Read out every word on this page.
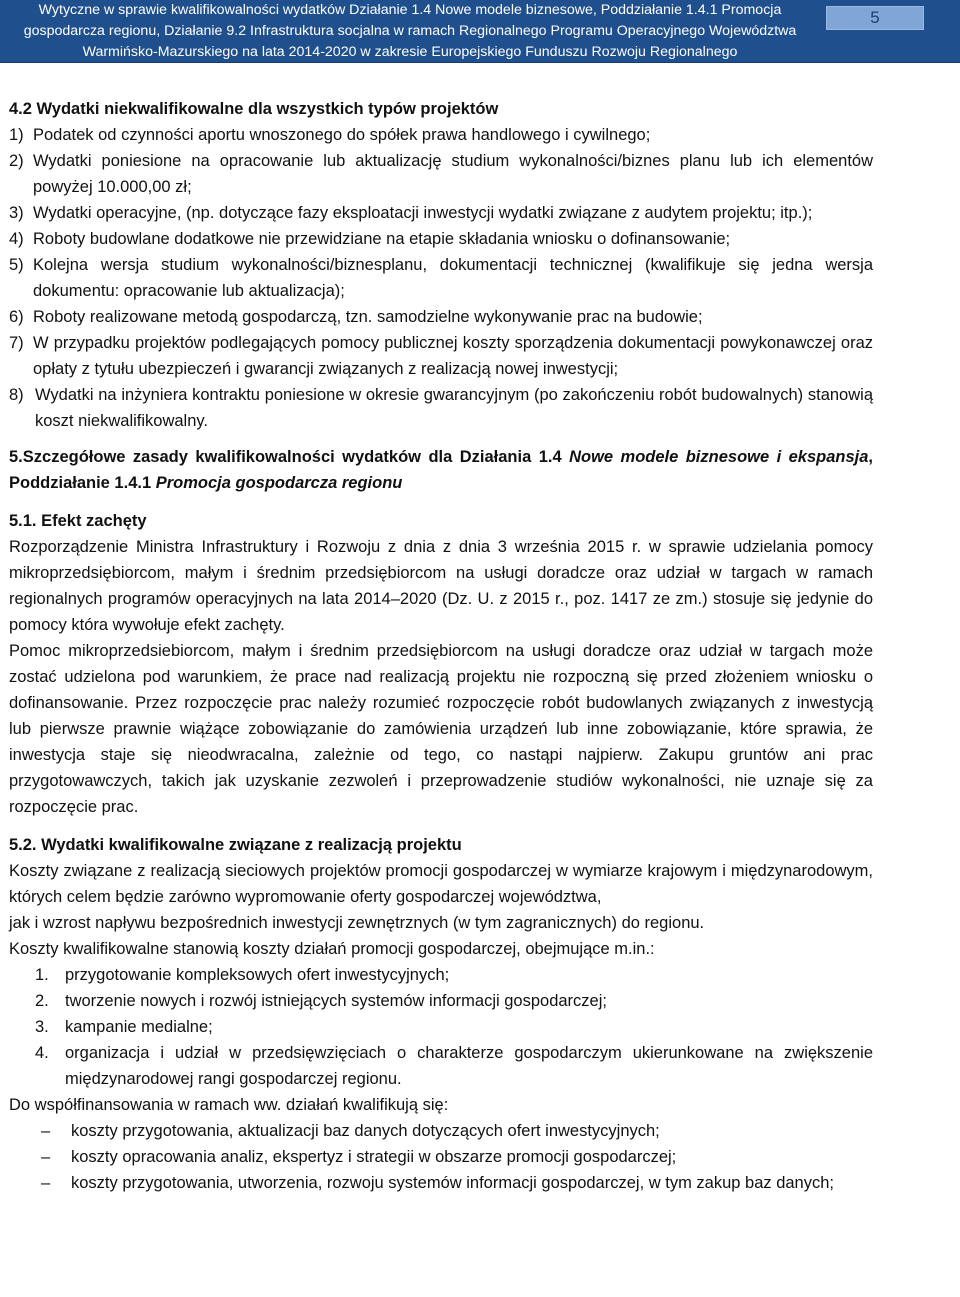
Wytyczne w sprawie kwalifikowalności wydatków Działanie 1.4 Nowe modele biznesowe, Poddziałanie 1.4.1 Promocja
gospodarcza regionu, Działanie 9.2 Infrastruktura socjalna w ramach Regionalnego Programu Operacyjnego Województwa
Warmińsko-Mazurskiego na lata 2014-2020 w zakresie Europejskiego Funduszu Rozwoju Regionalnego
5

4.2 Wydatki niekwalifikowalne dla wszystkich typów projektów

1) Podatek od czynności aportu wnoszonego do spółek prawa handlowego i cywilnego;
2) Wydatki poniesione na opracowanie lub aktualizację studium wykonalności/biznes planu lub ich elementów powyżej 10.000,00 zł;
3) Wydatki operacyjne, (np. dotyczące fazy eksploatacji inwestycji wydatki związane z audytem projektu; itp.);
4) Roboty budowlane dodatkowe nie przewidziane na etapie składania wniosku o dofinansowanie;
5) Kolejna wersja studium wykonalności/biznesplanu, dokumentacji technicznej (kwalifikuje się jedna wersja dokumentu: opracowanie lub aktualizacja);
6) Roboty realizowane metodą gospodarczą, tzn. samodzielne wykonywanie prac na budowie;
7) W przypadku projektów podlegających pomocy publicznej koszty sporządzenia dokumentacji powykonawczej oraz opłaty z tytułu ubezpieczeń i gwarancji związanych z realizacją nowej inwestycji;
8) Wydatki na inżyniera kontraktu poniesione w okresie gwarancyjnym (po zakończeniu robót budowalnych) stanowią koszt niekwalifikowalny.

5.Szczegółowe zasady kwalifikowalności wydatków dla Działania 1.4 Nowe modele biznesowe i ekspansja, Poddziałanie 1.4.1 Promocja gospodarcza regionu

5.1. Efekt zachęty

Rozporządzenie Ministra Infrastruktury i Rozwoju z dnia z dnia 3 września 2015 r. w sprawie udzielania pomocy mikroprzedsiębiorcom, małym i średnim przedsiębiorcom na usługi doradcze oraz udział w targach w ramach regionalnych programów operacyjnych na lata 2014–2020 (Dz. U. z 2015 r., poz. 1417 ze zm.) stosuje się jedynie do pomocy która wywołuje efekt zachęty.

Pomoc mikroprzedsiebiorcom, małym i średnim przedsiębiorcom na usługi doradcze oraz udział w targach może zostać udzielona pod warunkiem, że prace nad realizacją projektu nie rozpoczną się przed złożeniem wniosku o dofinansowanie. Przez rozpoczęcie prac należy rozumieć rozpoczęcie robót budowlanych związanych z inwestycją lub pierwsze prawnie wiążące zobowiązanie do zamówienia urządzeń lub inne zobowiązanie, które sprawia, że inwestycja staje się nieodwracalna, zależnie od tego, co nastąpi najpierw. Zakupu gruntów ani prac przygotowawczych, takich jak uzyskanie zezwoleń i przeprowadzenie studiów wykonalności, nie uznaje się za rozpoczęcie prac.

5.2. Wydatki kwalifikowalne związane z realizacją projektu

Koszty związane z realizacją sieciowych projektów promocji gospodarczej w wymiarze krajowym i międzynarodowym, których celem będzie zarówno wypromowanie oferty gospodarczej województwa,

jak i wzrost napływu bezpośrednich inwestycji zewnętrznych (w tym zagranicznych) do regionu.

Koszty kwalifikowalne stanowią koszty działań promocji gospodarczej, obejmujące m.in.:

1. przygotowanie kompleksowych ofert inwestycyjnych;
2. tworzenie nowych i rozwój istniejących systemów informacji gospodarczej;
3. kampanie medialne;
4. organizacja i udział w przedsięwzięciach o charakterze gospodarczym ukierunkowane na zwiększenie międzynarodowej rangi gospodarczej regionu.

Do współfinansowania w ramach ww. działań kwalifikują się:

–	koszty przygotowania, aktualizacji baz danych dotyczących ofert inwestycyjnych;
–	koszty opracowania analiz, ekspertyz i strategii w obszarze promocji gospodarczej;
–	koszty przygotowania, utworzenia, rozwoju systemów informacji gospodarczej, w tym zakup baz danych;
